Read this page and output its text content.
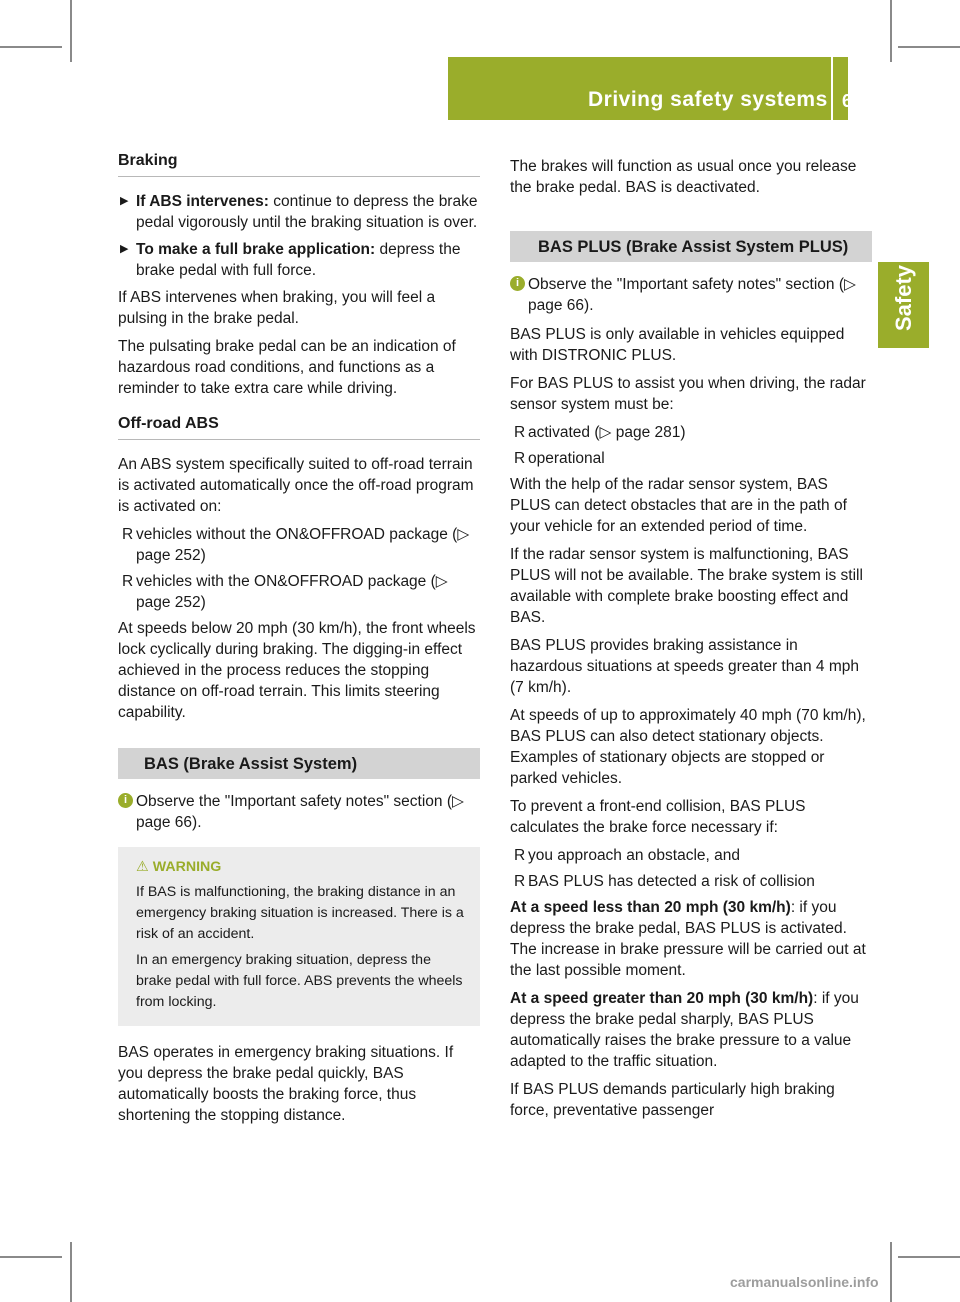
Driving safety systems 67
Safety
Braking
▶ If ABS intervenes: continue to depress the brake pedal vigorously until the braking situation is over.
▶ To make a full brake application: depress the brake pedal with full force.

If ABS intervenes when braking, you will feel a pulsing in the brake pedal.

The pulsating brake pedal can be an indication of hazardous road conditions, and functions as a reminder to take extra care while driving.

Off-road ABS

An ABS system specifically suited to off-road terrain is activated automatically once the off-road program is activated on:

R vehicles without the ON&OFFROAD package (▷ page 252)
R vehicles with the ON&OFFROAD package (▷ page 252)

At speeds below 20 mph (30 km/h), the front wheels lock cyclically during braking. The digging-in effect achieved in the process reduces the stopping distance on off-road terrain. This limits steering capability.

BAS (Brake Assist System)
i Observe the "Important safety notes" section (▷ page 66).
⚠ WARNING

If BAS is malfunctioning, the braking distance in an emergency braking situation is increased. There is a risk of an accident.

In an emergency braking situation, depress the brake pedal with full force. ABS prevents the wheels from locking.

BAS operates in emergency braking situations. If you depress the brake pedal quickly, BAS automatically boosts the braking force, thus shortening the stopping distance.

The brakes will function as usual once you release the brake pedal. BAS is deactivated.

BAS PLUS (Brake Assist System PLUS)
i Observe the "Important safety notes" section (▷ page 66).

BAS PLUS is only available in vehicles equipped with DISTRONIC PLUS.

For BAS PLUS to assist you when driving, the radar sensor system must be:

R activated (▷ page 281)
R operational

With the help of the radar sensor system, BAS PLUS can detect obstacles that are in the path of your vehicle for an extended period of time.

If the radar sensor system is malfunctioning, BAS PLUS will not be available. The brake system is still available with complete brake boosting effect and BAS.

BAS PLUS provides braking assistance in hazardous situations at speeds greater than 4 mph (7 km/h).

At speeds of up to approximately 40 mph (70 km/h), BAS PLUS can also detect stationary objects. Examples of stationary objects are stopped or parked vehicles.

To prevent a front-end collision, BAS PLUS calculates the brake force necessary if:

R you approach an obstacle, and
R BAS PLUS has detected a risk of collision

At a speed less than 20 mph (30 km/h): if you depress the brake pedal, BAS PLUS is activated. The increase in brake pressure will be carried out at the last possible moment.

At a speed greater than 20 mph (30 km/h): if you depress the brake pedal sharply, BAS PLUS automatically raises the brake pressure to a value adapted to the traffic situation.

If BAS PLUS demands particularly high braking force, preventative passenger

carmanualsonline.info
